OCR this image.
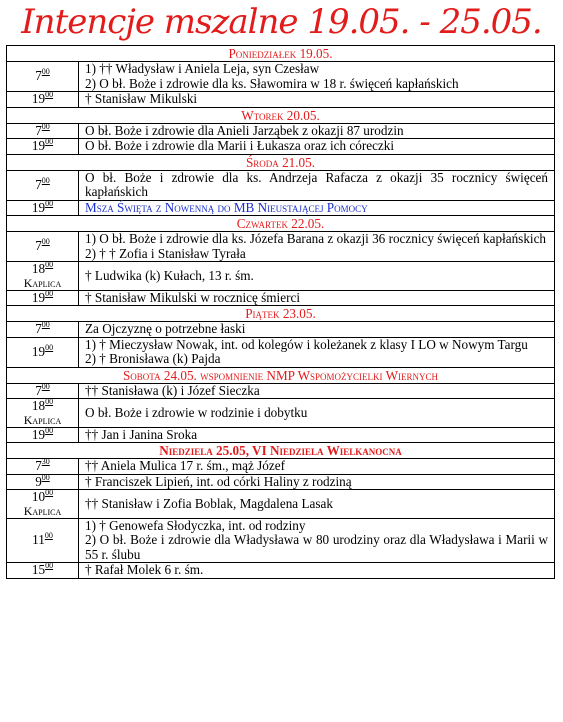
Intencje mszalne 19.05. - 25.05.
Poniedziałek 19.05.	
$7^{00}$	1) †† Władysław i Aniela Leja, syn Czesław
2) O bł. Boże i zdrowie dla ks. Sławomira w 18 r. święceń kapłańskich

$19^{00}$	† Stanisław Mikulski

Wtorek 20.05.	
$7^{00}$	O bł. Boże i zdrowie dla Anieli Jarząbek z okazji 87 urodzin

$19^{00}$	O bł. Boże i zdrowie dla Marii i Łukasza oraz ich córeczki

Środa 21.05.	
$7^{00}$	O bł. Boże i zdrowie dla ks. Andrzeja Rafacza z okazji 35 rocznicy święceń kapłańskich

$19^{00}$	Msza Święta z Nowenną do MB Nieustającej Pomocy

Czwartek 22.05.	
$7^{00}$	1) O bł. Boże i zdrowie dla ks. Józefa Barana z okazji 36 rocznicy święceń kapłańskich
2) † † Zofia i Stanisław Tyrała

$18^{00}$
Kaplica	† Ludwika (k) Kułach, 13 r. śm.

$19^{00}$	† Stanisław Mikulski w rocznicę śmierci

Piątek 23.05.	
$7^{00}$	Za Ojczyznę o potrzebne łaski

$19^{00}$	1) † Mieczysław Nowak, int. od kolegów i koleżanek z klasy I LO w Nowym Targu
2) † Bronisława (k) Pajda

Sobota 24.05. wspomnienie NMP Wspomożycielki Wiernych	
$7^{00}$	†† Stanisława (k) i Józef Sieczka

$18^{00}$
Kaplica	O bł. Boże i zdrowie w rodzinie i dobytku

$19^{00}$	†† Jan i Janina Sroka

Niedziela 25.05, VI Niedziela Wielkanocna	
$7^{30}$	†† Aniela Mulica 17 r. śm., mąż Józef

$9^{00}$	† Franciszek Lipień, int. od córki Haliny z rodziną

$10^{00}$
Kaplica	†† Stanisław i Zofia Boblak, Magdalena Lasak

$11^{00}$	1) † Genowefa Słodyczka, int. od rodziny
2) O bł. Boże i zdrowie dla Władysława w 80 urodziny oraz dla Władysława i Marii w 55 r. ślubu

$15^{00}$	† Rafał Molek 6 r. śm.
